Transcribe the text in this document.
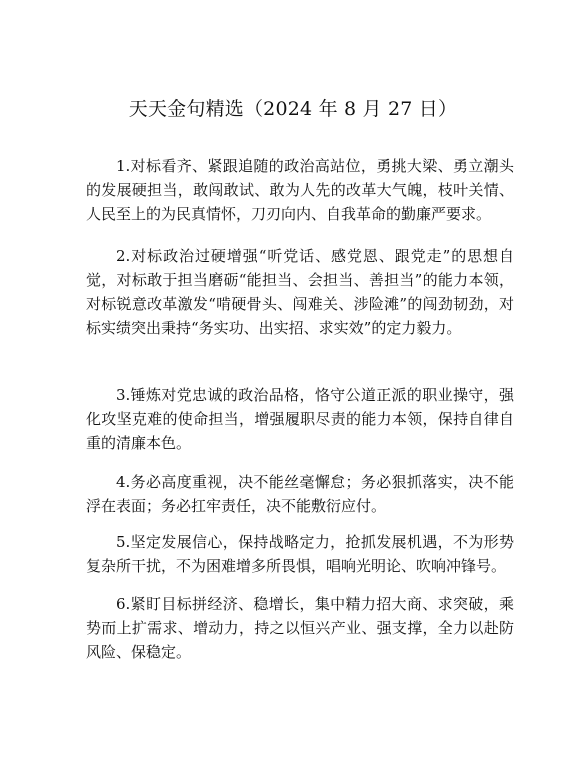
天天金句精选（2024 年 8 月 27 日）

1.对标看齐、紧跟追随的政治高站位，勇挑大梁、勇立潮头的发展硬担当，敢闯敢试、敢为人先的改革大气魄，枝叶关情、人民至上的为民真情怀，刀刃向内、自我革命的勤廉严要求。

2.对标政治过硬增强“听党话、感党恩、跟党走”的思想自觉，对标敢于担当磨砺“能担当、会担当、善担当”的能力本领，对标锐意改革激发“啃硬骨头、闯难关、涉险滩”的闯劲韧劲，对标实绩突出秉持“务实功、出实招、求实效”的定力毅力。

3.锤炼对党忠诚的政治品格，恪守公道正派的职业操守，强化攻坚克难的使命担当，增强履职尽责的能力本领，保持自律自重的清廉本色。

4.务必高度重视，决不能丝毫懈怠；务必狠抓落实，决不能浮在表面；务必扛牢责任，决不能敷衍应付。

5.坚定发展信心，保持战略定力，抢抓发展机遇，不为形势复杂所干扰，不为困难增多所畏惧，唱响光明论、吹响冲锋号。

6.紧盯目标拼经济、稳增长，集中精力招大商、求突破，乘势而上扩需求、增动力，持之以恒兴产业、强支撑，全力以赴防风险、保稳定。
